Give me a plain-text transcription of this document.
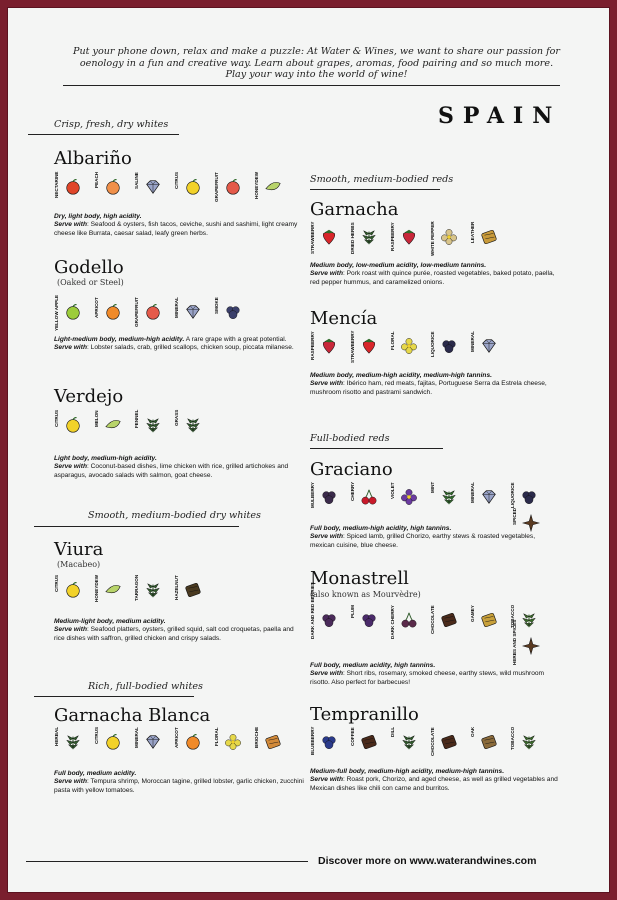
Put your phone down, relax and make a puzzle: At Water & Wines, we want to share our passion for
oenology in a fun and creative way. Learn about grapes, aromas, food pairing and so much more.
Play your way into the world of wine!
SPAIN
Crisp, fresh, dry whites
Albariño
NECTARINE	PEACH	SALINE	CITRUS	GRAPEFRUIT	HONEYDEW
Dry, light body, high acidity.
Serve with: Seafood & oysters, fish tacos, ceviche, sushi and sashimi, light creamy cheese like Burrata, caesar salad, leafy green herbs.
Godello
(Oaked or Steel)
YELLOW APPLE	APRICOT	GRAPEFRUIT	MINERAL	SMOKE
Light-medium body, medium-high acidity. A rare grape with a great potential.
Serve with: Lobster salads, crab, grilled scallops, chicken soup, piccata milanese.
Verdejo
CITRUS	MELON	FENNEL	GRASS
Light body, medium-high acidity.
Serve with: Coconut-based dishes, lime chicken with rice, grilled artichokes and asparagus, avocado salads with salmon, goat cheese.
Smooth, medium-bodied dry whites
Viura
(Macabeo)
CITRUS	HONEYDEW	TARRAGON	HAZELNUT
Medium-light body, medium acidity.
Serve with: Seafood platters, oysters, grilled squid, salt cod croquetas, paella and rice dishes with saffron, grilled chicken and crispy salads.
Rich, full-bodied whites
Garnacha Blanca
HERBAL	CITRUS	MINERAL	APRICOT	FLORAL	BRIOCHE
Full body, medium acidity.
Serve with: Tempura shrimp, Moroccan tagine, grilled lobster, garlic chicken, zucchini pasta with yellow tomatoes.
Smooth, medium-bodied reds
Garnacha
STRAWBERRY	DRIED HERBS	RASPBERRY	WHITE PEPPER	LEATHER
Medium body, low-medium acidity, low-medium tannins.
Serve with: Pork roast with quince purée, roasted vegetables, baked potato, paella, red pepper hummus, and caramelized onions.
Mencía
RASPBERRY	STRAWBERRY	FLORAL	LIQUORICE	MINERAL
Medium body, medium-high acidity, medium-high tannins.
Serve with: Ibérico ham, red meats, fajitas, Portuguese Serra da Estrela cheese, mushroom risotto and pastrami sandwich.
Full-bodied reds
Graciano
MULBERRY	CHERRY	VIOLET	MINT	MINERAL	LIQUORICE
SPICED
Full body, medium-high acidity, high tannins.
Serve with: Spiced lamb, grilled Chorizo, earthy stews & roasted vegetables, mexican cuisine, blue cheese.
Monastrell
(also known as Mourvèdre)
DARK AND RED BERRIES	PLUM	DARK CHERRY	CHOCOLATE	GAMEY	TOBACCO
HERBS AND SPICES
Full body, medium acidity, high tannins.
Serve with: Short ribs, rosemary, smoked cheese, earthy stews, wild mushroom risotto. Also perfect for barbecues!
Tempranillo
BLUEBERRY	COFFEE	DILL	CHOCOLATE	OAK	TOBACCO
Medium-full body, medium-high acidity, medium-high tannins.
Serve with: Roast pork, Chorizo, and aged cheese, as well as grilled vegetables and Mexican dishes like chili con carne and burritos.
Discover more on www.waterandwines.com
